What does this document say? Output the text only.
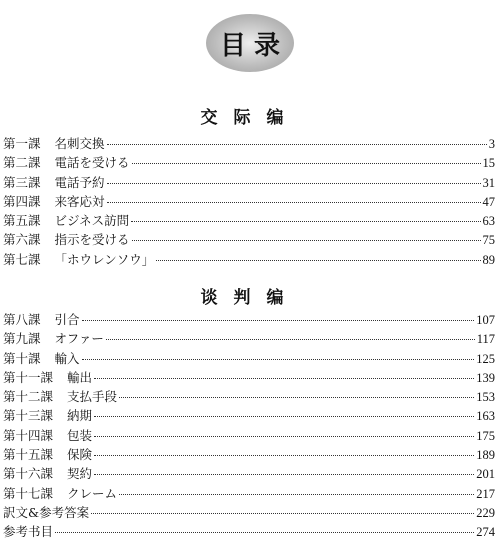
目录
交际编
第一課	名刺交換	3
第二課	電話を受ける	15
第三課	電話予約	31
第四課	来客応対	47
第五課	ビジネス訪問	63
第六課	指示を受ける	75
第七課	「ホウレンソウ」	89
谈判编
第八課	引合	107
第九課	オファー	117
第十課	輸入	125
第十一課	輸出	139
第十二課	支払手段	153
第十三課	納期	163
第十四課	包装	175
第十五課	保険	189
第十六課	契約	201
第十七課	クレーム	217
訳文&参考答案	229
参考书目	274
